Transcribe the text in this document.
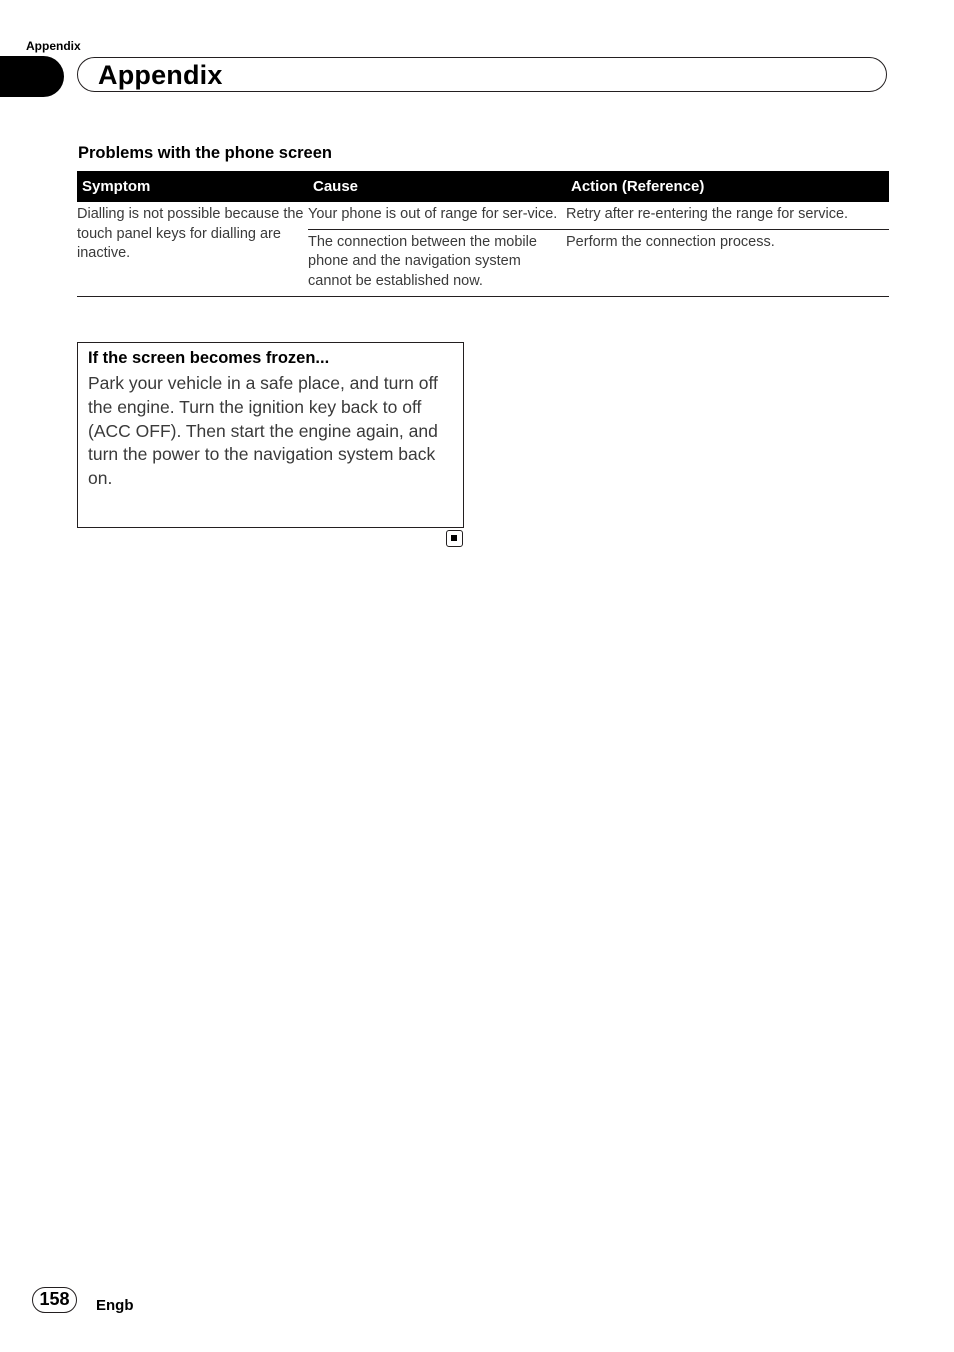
Appendix
Appendix
Problems with the phone screen
Symptom	Cause	Action (Reference)
Dialling is not possible because the touch panel keys for dialling are inactive.	Your phone is out of range for ser-vice.	Retry after re-entering the range for service.
	The connection between the mobile phone and the navigation system cannot be established now.	Perform the connection process.
If the screen becomes frozen...
Park your vehicle in a safe place, and turn off the engine. Turn the ignition key back to off (ACC OFF). Then start the engine again, and turn the power to the navigation system back on.
158	Engb
